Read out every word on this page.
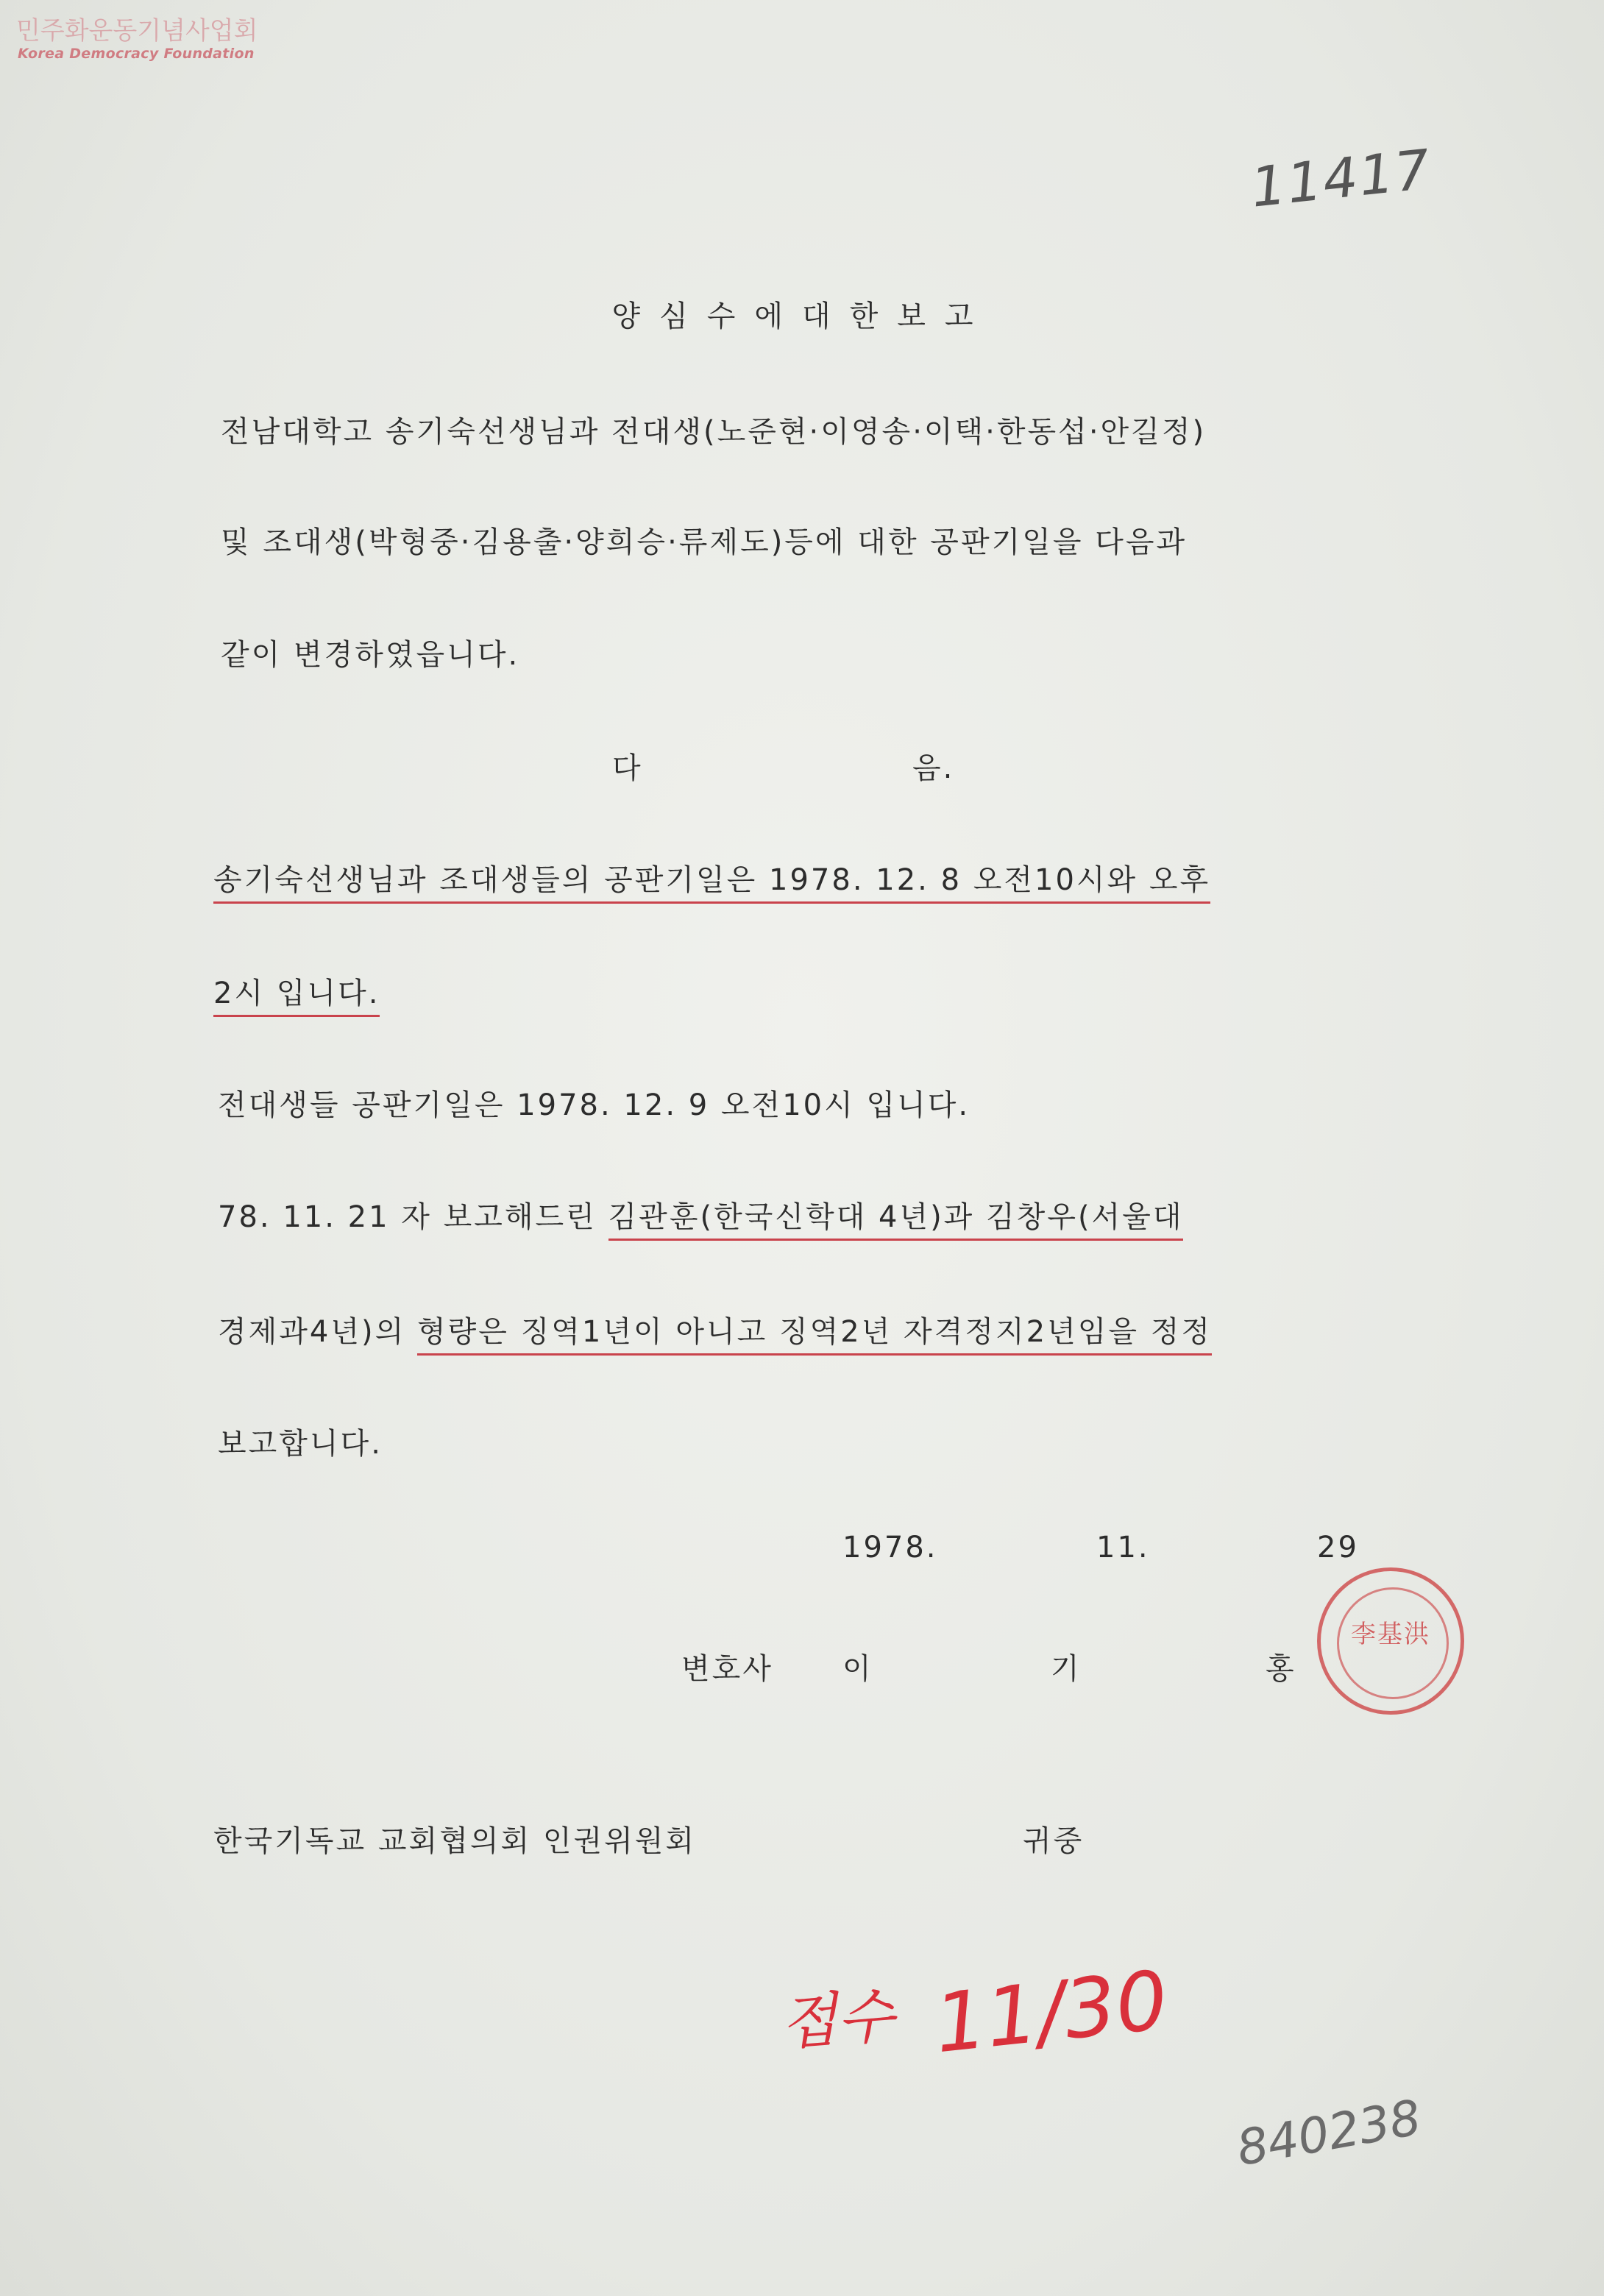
민주화운동기념사업회
Korea Democracy Foundation
11417
양심수에대한보고
전남대학고 송기숙선생님과 전대생(노준현·이영송·이택·한동섭·안길정)
및 조대생(박형중·김용출·양희승·류제도)등에 대한 공판기일을 다음과
같이 변경하였읍니다.
다	음.
송기숙선생님과 조대생들의 공판기일은 1978. 12. 8 오전10시와 오후
2시 입니다.
전대생들 공판기일은 1978. 12. 9 오전10시 입니다.
78. 11. 21 자 보고해드린 김관훈(한국신학대 4년)과 김창우(서울대
경제과4년)의 형량은 징역1년이 아니고 징역2년 자격정지2년임을 정정
보고합니다.
1978.	11.	29
변호사 이	기	홍
李基洪
한국기독교 교회협의회 인권위원회	귀중
접수 11/30
840238
